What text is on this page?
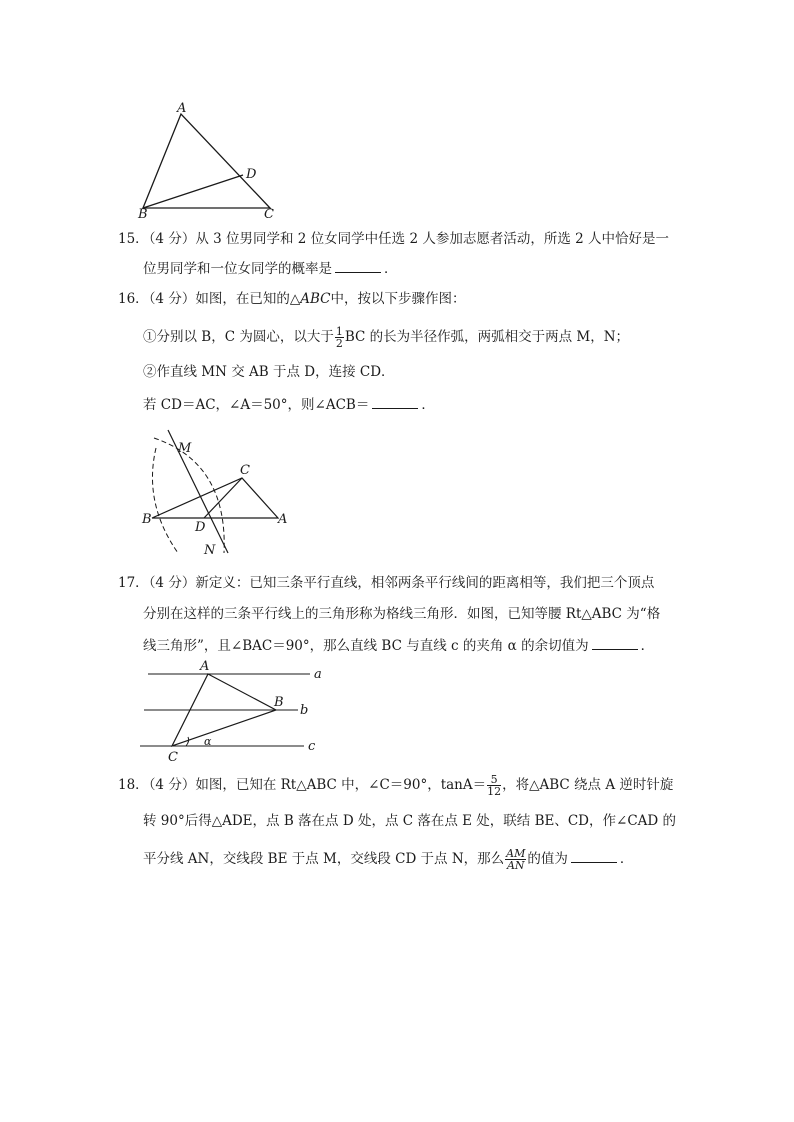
A
B	C
D
15．（4 分）从 3 位男同学和 2 位女同学中任选 2 人参加志愿者活动，所选 2 人中恰好是一
位男同学和一位女同学的概率是	．
16．（4 分）如图，在已知的△ABC中，按以下步骤作图：
①分别以 B，C 为圆心，以大于 $\frac{1}{2}$ BC 的长为半径作弧，两弧相交于两点 M，N；
②作直线 MN 交 AB 于点 D，连接 CD．
若 CD＝AC，∠A＝50°，则∠ACB＝	．
M
C
B
D
A
N
17．（4 分）新定义：已知三条平行直线，相邻两条平行线间的距离相等，我们把三个顶点
分别在这样的三条平行线上的三角形称为格线三角形．如图，已知等腰 Rt△ABC 为“格
线三角形”，且∠BAC＝90°，那么直线 BC 与直线 c 的夹角 α 的余切值为	．
A
B
C
a
b
c
α
18．（4 分）如图，已知在 Rt△ABC 中，∠C＝90°，$\tan A= \frac{5}{12}$ ，将△ABC 绕点 A 逆时针旋
转 90°后得△ADE，点 B 落在点 D 处，点 C 落在点 E 处，联结 BE、CD，作∠CAD 的
平分线 AN，交线段 BE 于点 M，交线段 CD 于点 N，那么 $\frac{AM}{AN}$ 的值为	．
